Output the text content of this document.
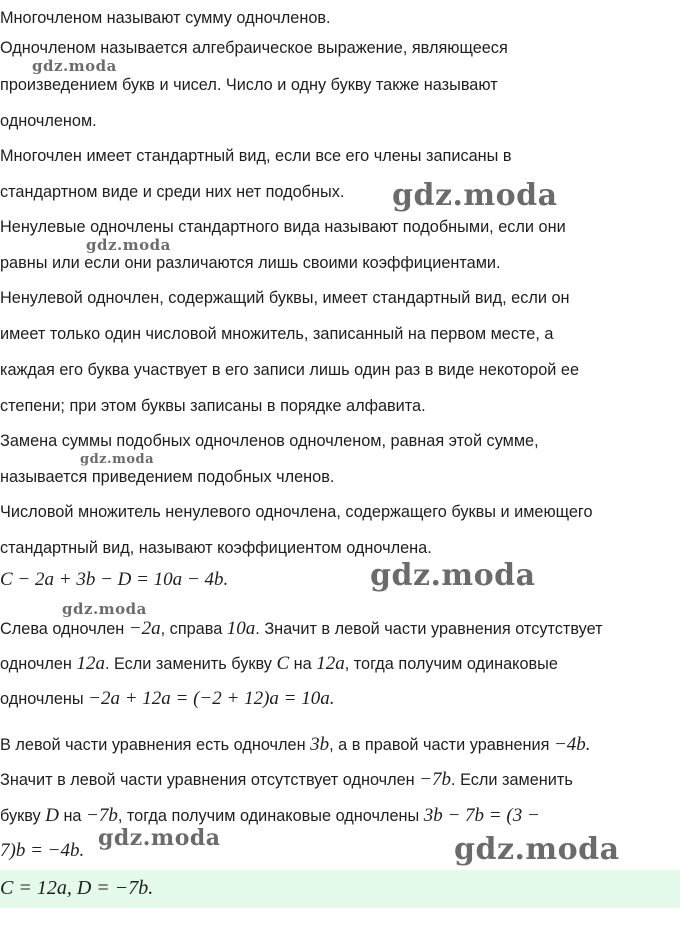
Многочленом называют сумму одночленов.
Одночленом называется алгебраическое выражение, являющееся
произведением букв и чисел. Число и одну букву также называют
одночленом.
Многочлен имеет стандартный вид, если все его члены записаны в
стандартном виде и среди них нет подобных.
Ненулевые одночлены стандартного вида называют подобными, если они
равны или если они различаются лишь своими коэффициентами.
Ненулевой одночлен, содержащий буквы, имеет стандартный вид, если он
имеет только один числовой множитель, записанный на первом месте, а
каждая его буква участвует в его записи лишь один раз в виде некоторой ее
степени; при этом буквы записаны в порядке алфавита.
Замена суммы подобных одночленов одночленом, равная этой сумме,
называется приведением подобных членов.
Числовой множитель ненулевого одночлена, содержащего буквы и имеющего
стандартный вид, называют коэффициентом одночлена.
C − 2a + 3b − D = 10a − 4b.
Слева одночлен −2a, справа 10a. Значит в левой части уравнения отсутствует
одночлен 12a. Если заменить букву C на 12a, тогда получим одинаковые
одночлены −2a + 12a = (−2 + 12)a = 10a.
В левой части уравнения есть одночлен 3b, а в правой части уравнения −4b.
Значит в левой части уравнения отсутствует одночлен −7b. Если заменить
букву D на −7b, тогда получим одинаковые одночлены 3b − 7b = (3 −
7)b = −4b.
C = 12a, D = −7b.
gdz.moda
gdz.moda
gdz.moda
gdz.moda
gdz.moda
gdz.moda
gdz.moda	gdz.moda
